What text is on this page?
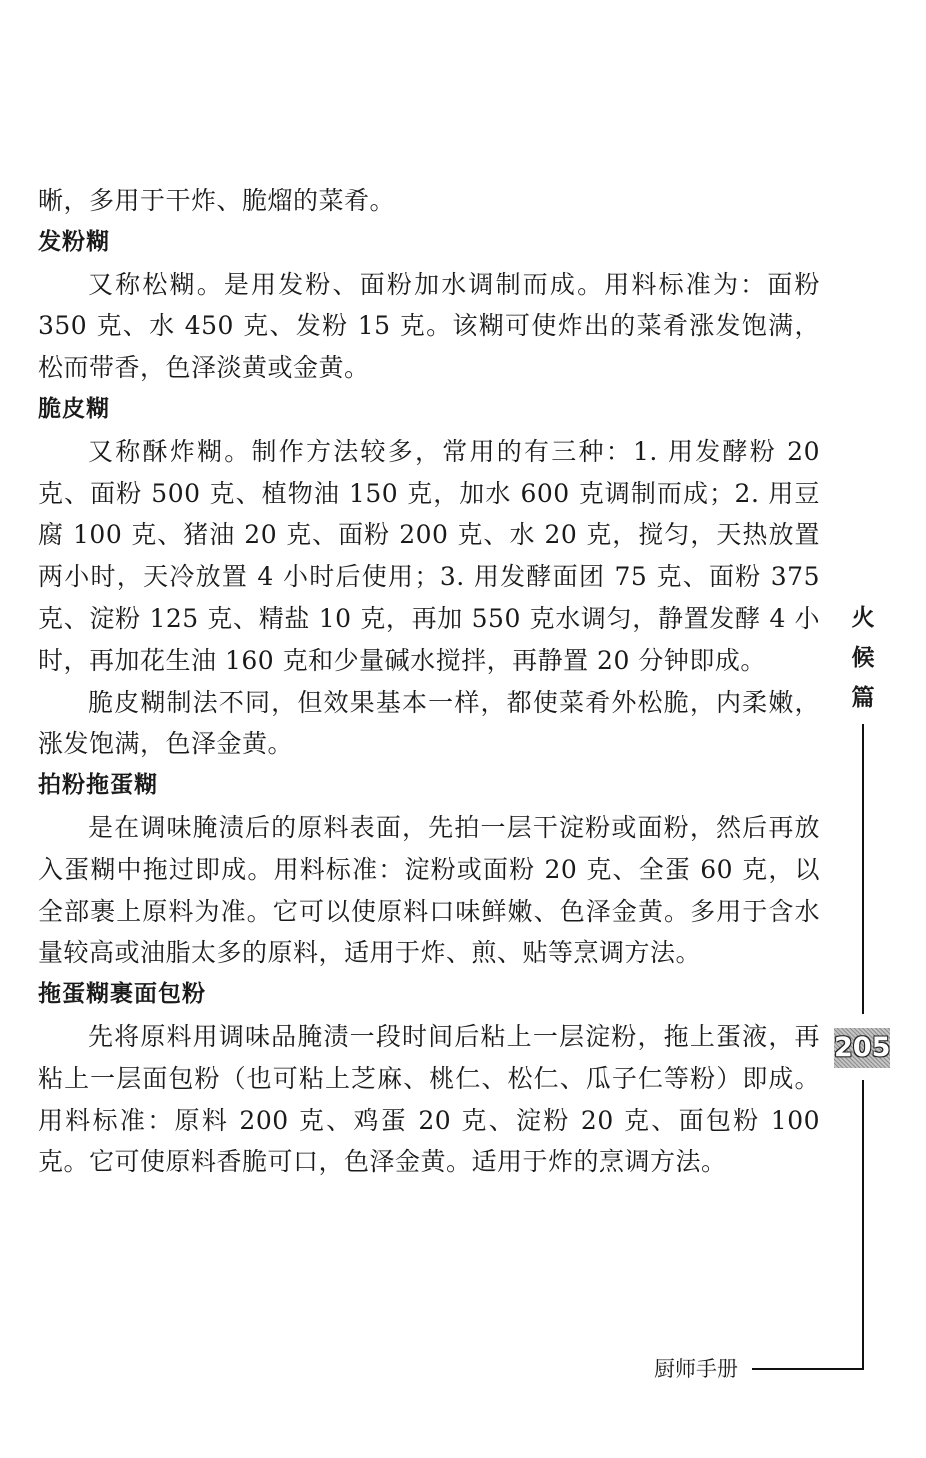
晰，多用于干炸、脆熘的菜肴。

发粉糊

又称松糊。是用发粉、面粉加水调制而成。用料标准为：面粉 350 克、水 450 克、发粉 15 克。该糊可使炸出的菜肴涨发饱满，松而带香，色泽淡黄或金黄。

脆皮糊

又称酥炸糊。制作方法较多，常用的有三种：1. 用发酵粉 20 克、面粉 500 克、植物油 150 克，加水 600 克调制而成；2. 用豆腐 100 克、猪油 20 克、面粉 200 克、水 20 克，搅匀，天热放置两小时，天冷放置 4 小时后使用；3. 用发酵面团 75 克、面粉 375 克、淀粉 125 克、精盐 10 克，再加 550 克水调匀，静置发酵 4 小时，再加花生油 160 克和少量碱水搅拌，再静置 20 分钟即成。

脆皮糊制法不同，但效果基本一样，都使菜肴外松脆，内柔嫩，涨发饱满，色泽金黄。

拍粉拖蛋糊

是在调味腌渍后的原料表面，先拍一层干淀粉或面粉，然后再放入蛋糊中拖过即成。用料标准：淀粉或面粉 20 克、全蛋 60 克，以全部裹上原料为准。它可以使原料口味鲜嫩、色泽金黄。多用于含水量较高或油脂太多的原料，适用于炸、煎、贴等烹调方法。

拖蛋糊裹面包粉

先将原料用调味品腌渍一段时间后粘上一层淀粉，拖上蛋液，再粘上一层面包粉（也可粘上芝麻、桃仁、松仁、瓜子仁等粉）即成。用料标准：原料 200 克、鸡蛋 20 克、淀粉 20 克、面包粉 100 克。它可使原料香脆可口，色泽金黄。适用于炸的烹调方法。

火
候
篇
205
厨师手册
